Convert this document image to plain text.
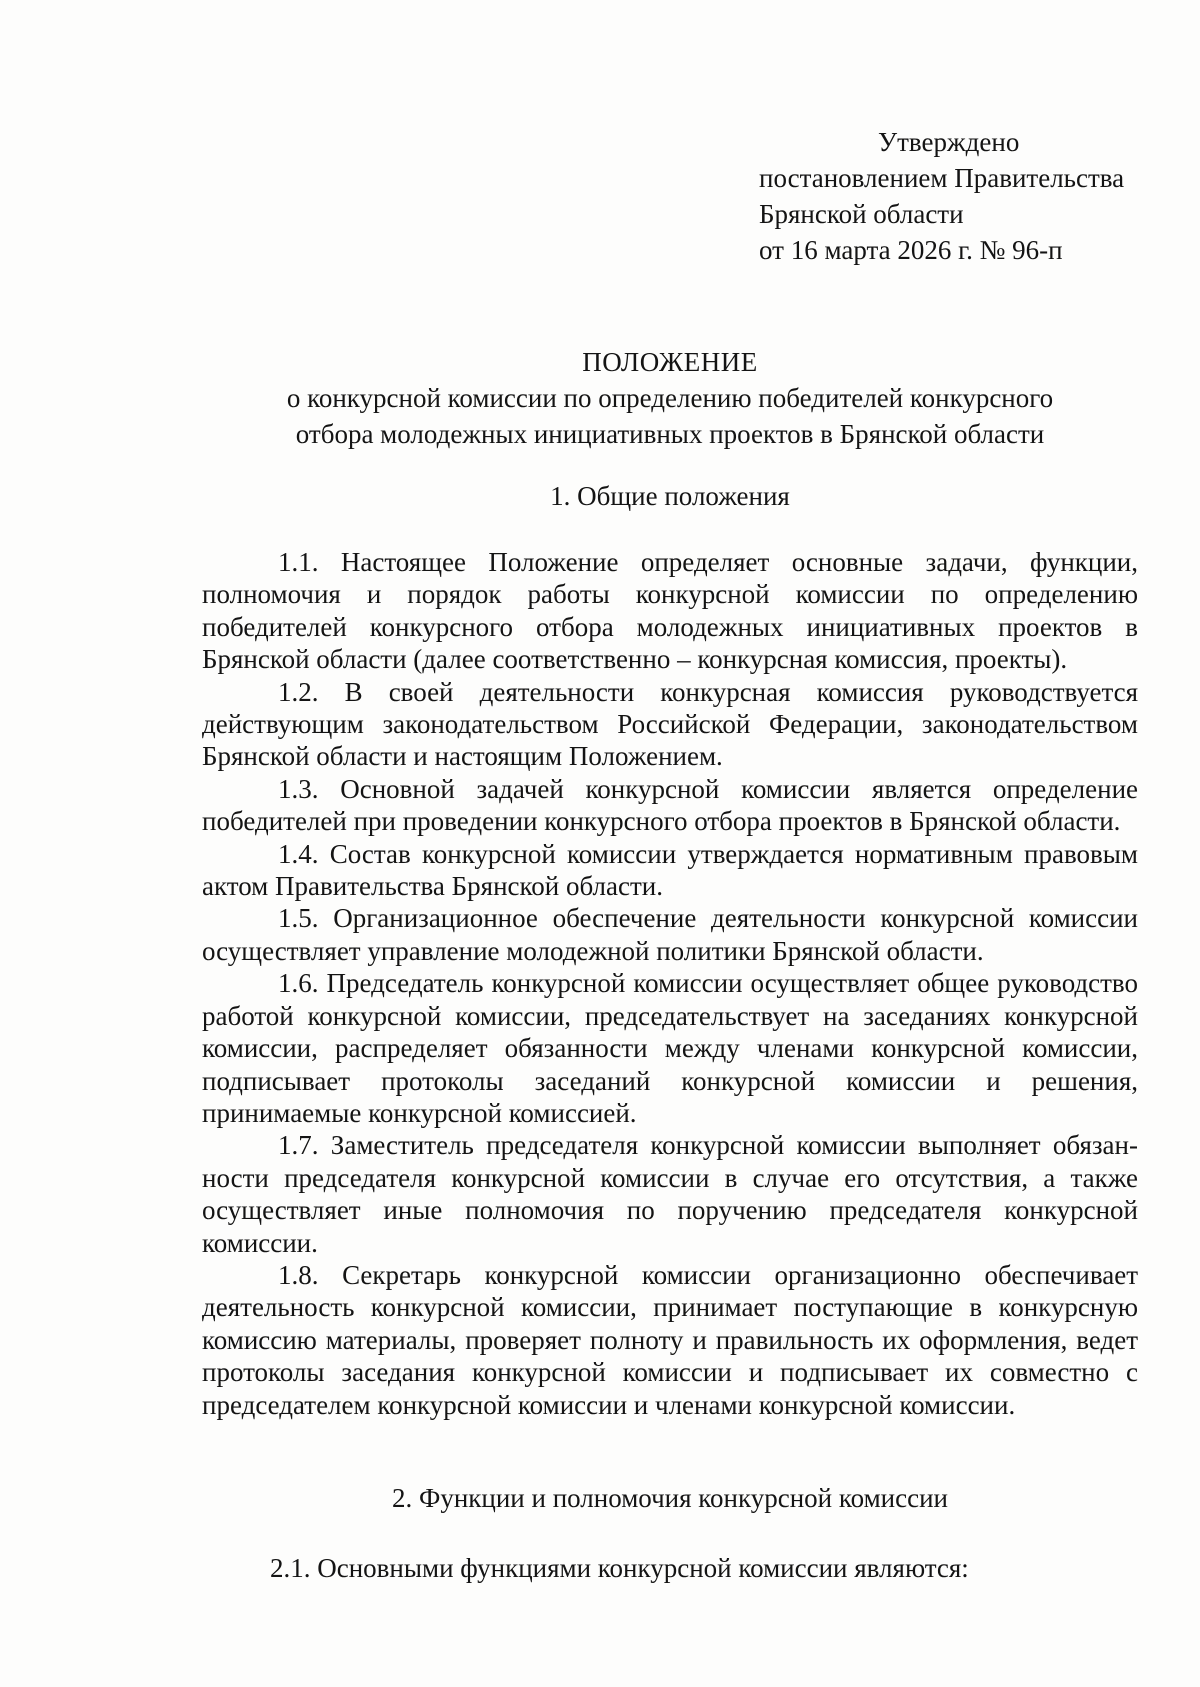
Утверждено
постановлением Правительства
Брянской области
от 16 марта 2026 г. № 96-п
ПОЛОЖЕНИЕ
о конкурсной комиссии по определению победителей конкурсного
отбора молодежных инициативных проектов в Брянской области
1. Общие положения

1.1. Настоящее Положение определяет основные задачи, функции, полномочия и порядок работы конкурсной комиссии по определению победителей конкурсного отбора молодежных инициативных проектов в Брянской области (далее соответственно – конкурсная комиссия, проекты).

1.2. В своей деятельности конкурсная комиссия руководствуется действующим законодательством Российской Федерации, законодательством Брянской области и настоящим Положением.

1.3. Основной задачей конкурсной комиссии является определение победителей при проведении конкурсного отбора проектов в Брянской области.

1.4. Состав конкурсной комиссии утверждается нормативным правовым актом Правительства Брянской области.

1.5. Организационное обеспечение деятельности конкурсной комиссии осуществляет управление молодежной политики Брянской области.

1.6. Председатель конкурсной комиссии осуществляет общее руководство работой конкурсной комиссии, председательствует на заседаниях конкурсной комиссии, распределяет обязанности между членами конкурсной комиссии, подписывает протоколы заседаний конкурсной комиссии и решения, принимаемые конкурсной комиссией.

1.7. Заместитель председателя конкурсной комиссии выполняет обязанности председателя конкурсной комиссии в случае его отсутствия, а также осуществляет иные полномочия по поручению председателя конкурсной комиссии.

1.8. Секретарь конкурсной комиссии организационно обеспечивает деятельность конкурсной комиссии, принимает поступающие в конкурсную комиссию материалы, проверяет полноту и правильность их оформления, ведет протоколы заседания конкурсной комиссии и подписывает их совместно с председателем конкурсной комиссии и членами конкурсной комиссии.

2. Функции и полномочия конкурсной комиссии
2.1. Основными функциями конкурсной комиссии являются:
